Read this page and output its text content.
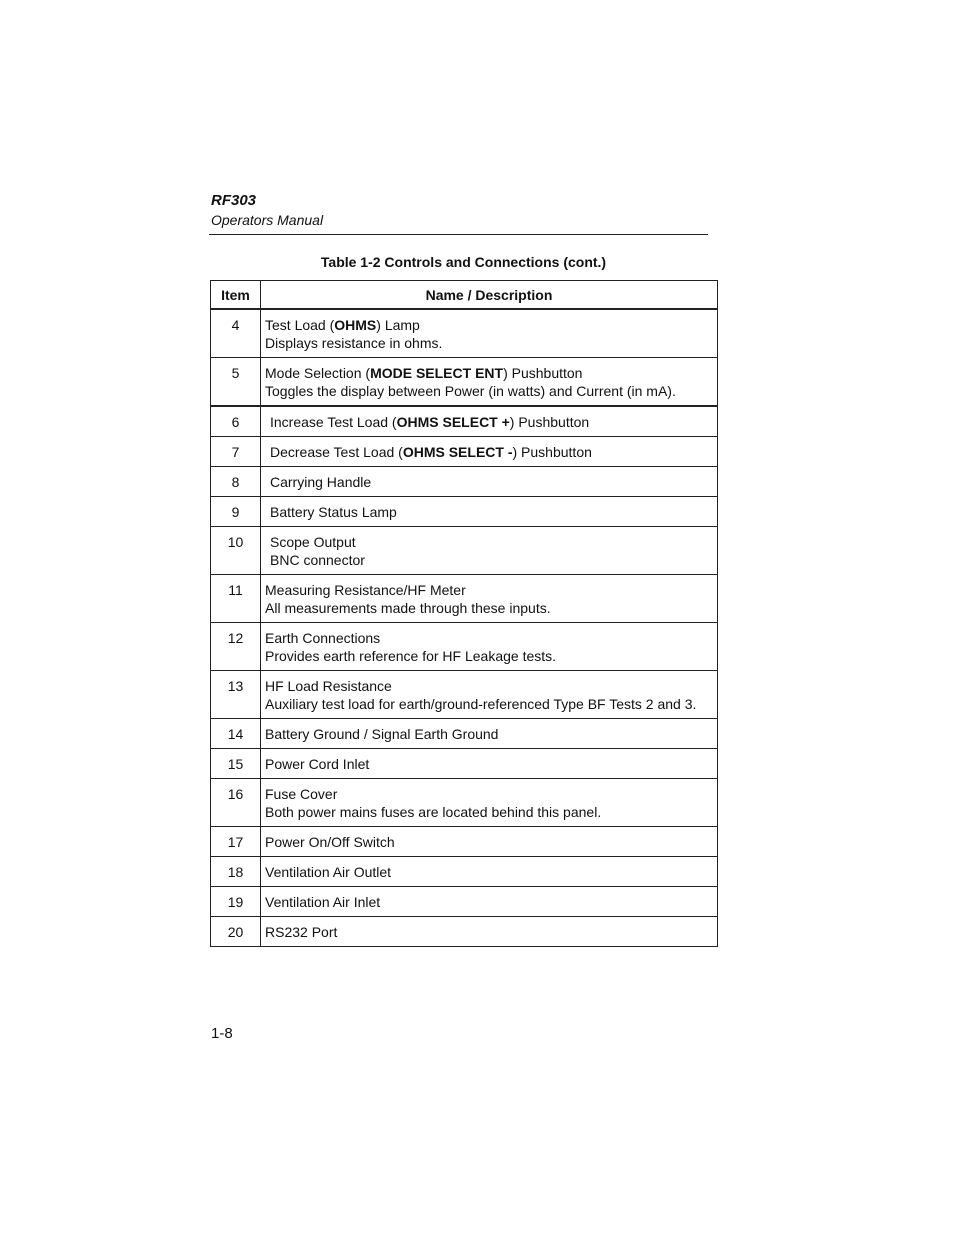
RF303
Operators Manual
Table 1-2 Controls and Connections (cont.)
Item	Name / Description
4	Test Load (OHMS) Lamp
Displays resistance in ohms.

5	Mode Selection (MODE SELECT ENT) Pushbutton
Toggles the display between Power (in watts) and Current (in mA).

6	Increase Test Load (OHMS SELECT +) Pushbutton

7	Decrease Test Load (OHMS SELECT -) Pushbutton

8	Carrying Handle

9	Battery Status Lamp

10	Scope Output
BNC connector

11	Measuring Resistance/HF Meter
All measurements made through these inputs.

12	Earth Connections
Provides earth reference for HF Leakage tests.

13	HF Load Resistance
Auxiliary test load for earth/ground-referenced Type BF Tests 2 and 3.

14	Battery Ground / Signal Earth Ground

15	Power Cord Inlet

16	Fuse Cover
Both power mains fuses are located behind this panel.

17	Power On/Off Switch

18	Ventilation Air Outlet

19	Ventilation Air Inlet

20	RS232 Port
1-8
